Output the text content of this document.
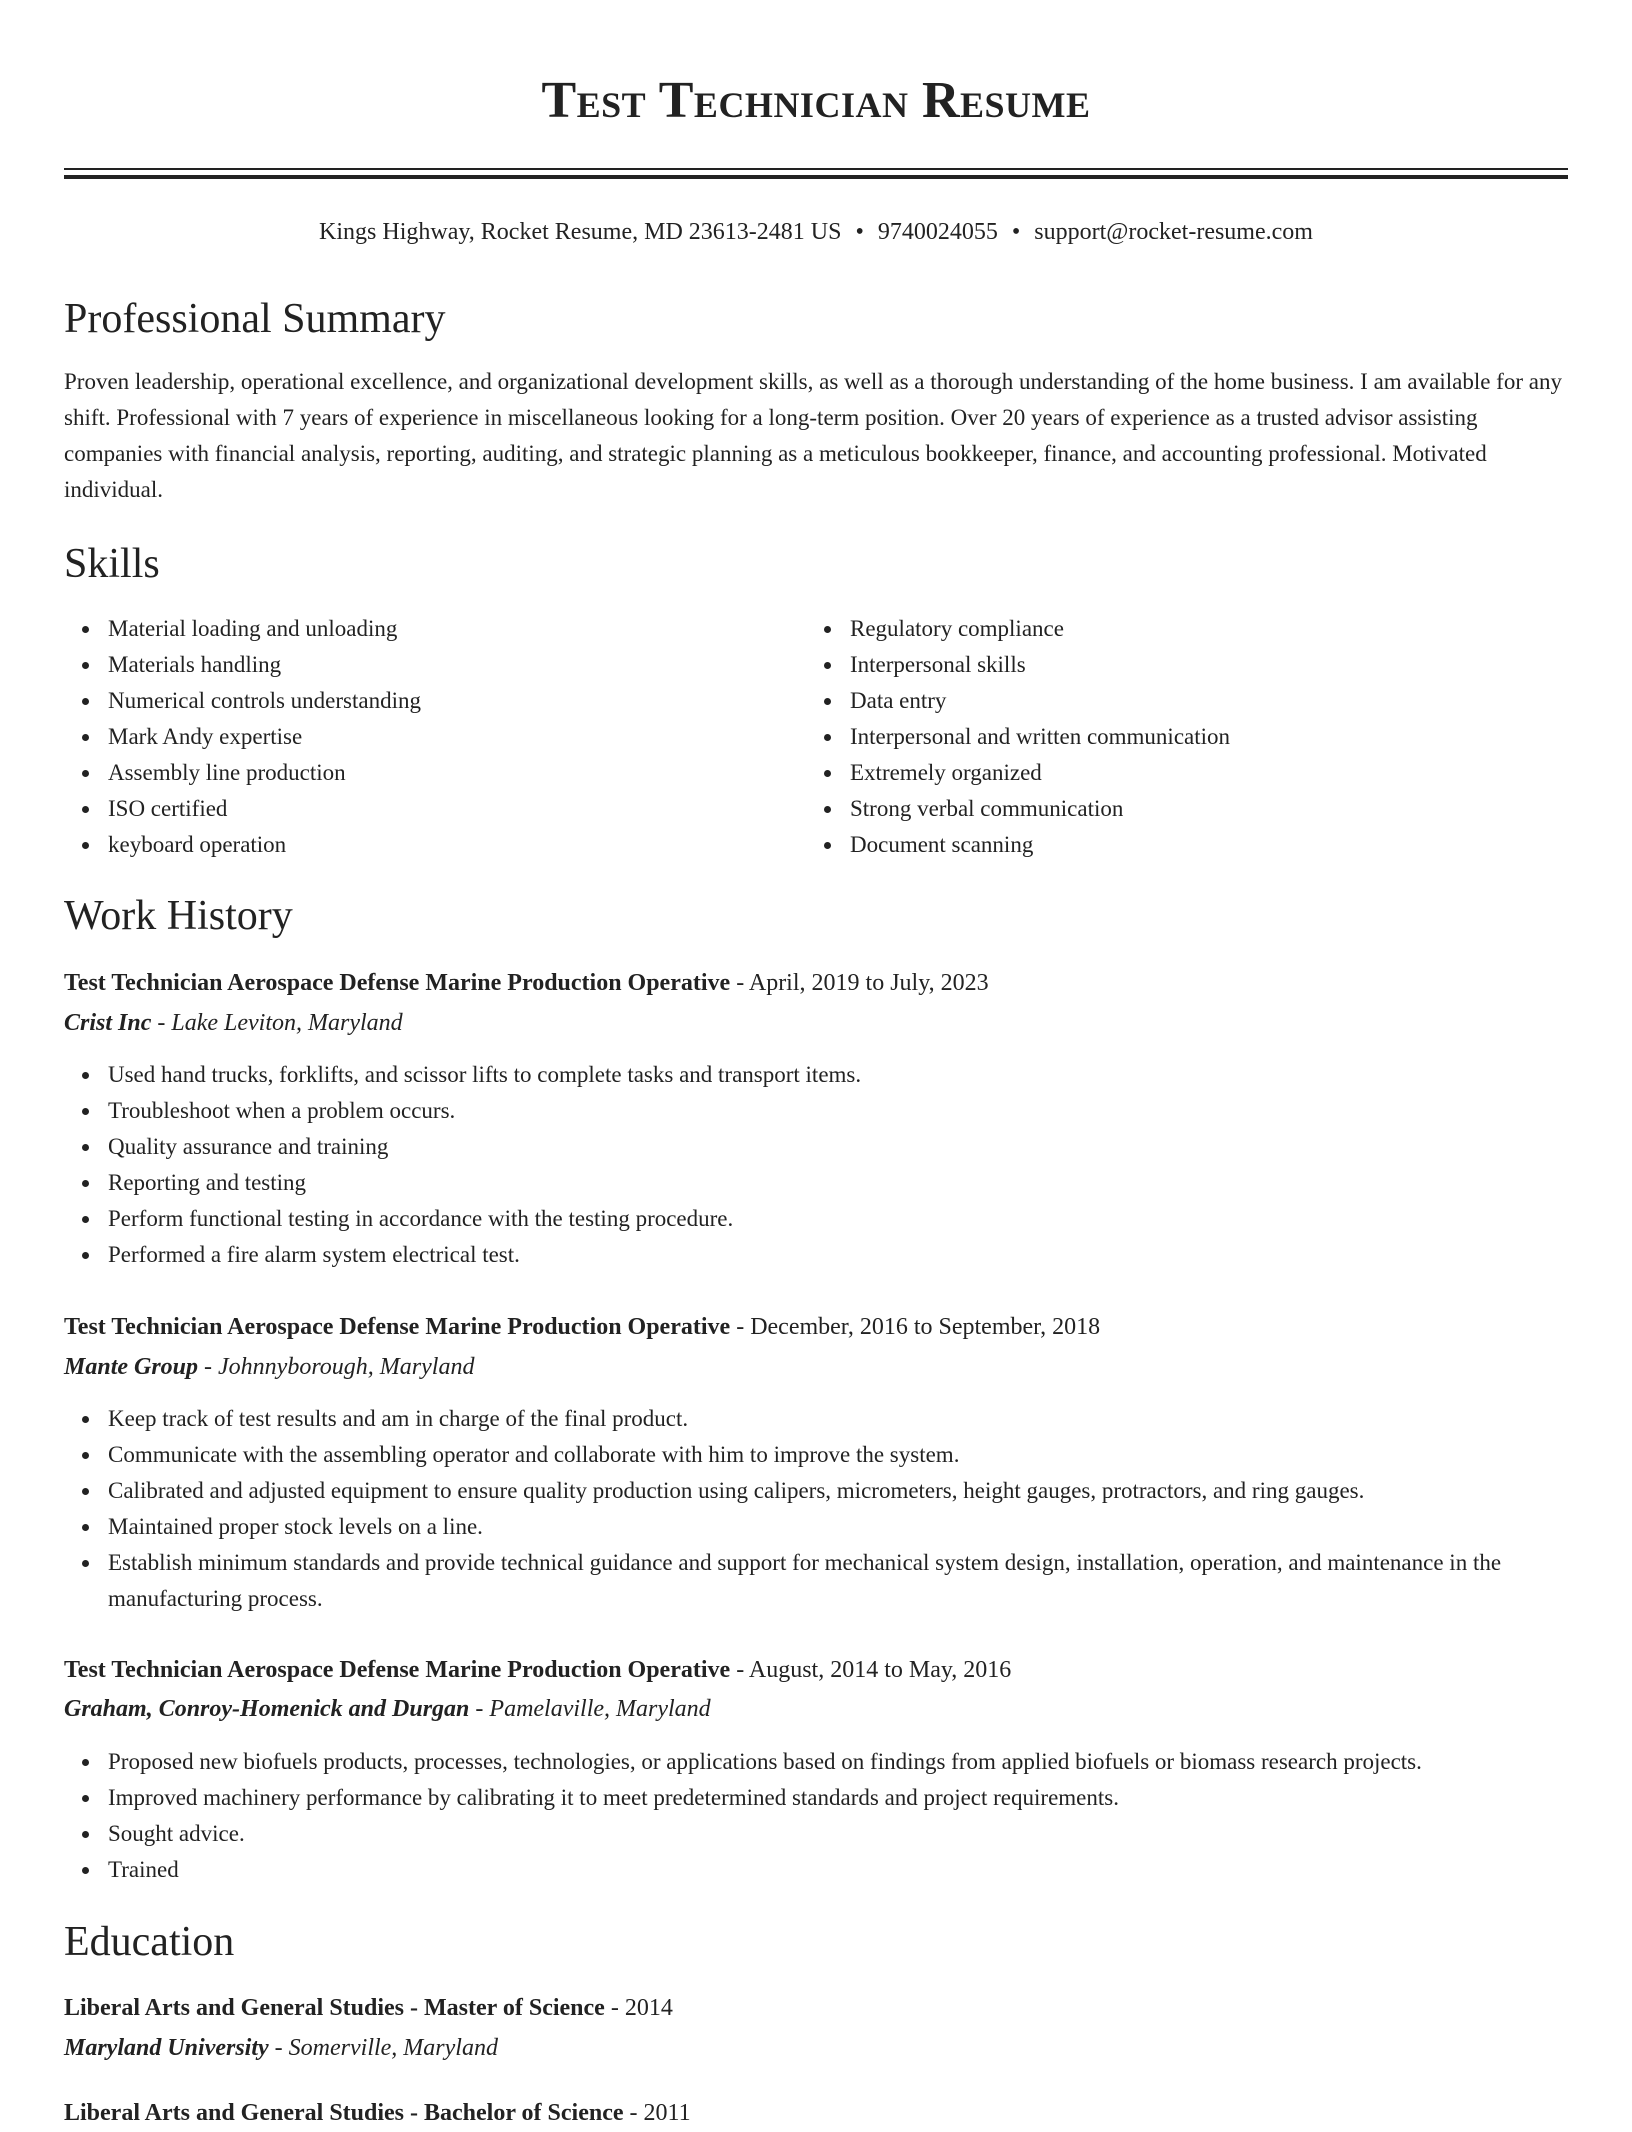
Test Technician Resume
Kings Highway, Rocket Resume, MD 23613-2481 US • 9740024055 • support@rocket-resume.com
Professional Summary

Proven leadership, operational excellence, and organizational development skills, as well as a thorough understanding of the home business. I am available for any shift. Professional with 7 years of experience in miscellaneous looking for a long-term position. Over 20 years of experience as a trusted advisor assisting companies with financial analysis, reporting, auditing, and strategic planning as a meticulous bookkeeper, finance, and accounting professional. Motivated individual.

Skills
Material loading and unloading
Materials handling
Numerical controls understanding
Mark Andy expertise
Assembly line production
ISO certified
keyboard operation
Regulatory compliance
Interpersonal skills
Data entry
Interpersonal and written communication
Extremely organized
Strong verbal communication
Document scanning
Work History
Test Technician Aerospace Defense Marine Production Operative - April, 2019 to July, 2023
Crist Inc - Lake Leviton, Maryland
Used hand trucks, forklifts, and scissor lifts to complete tasks and transport items.
Troubleshoot when a problem occurs.
Quality assurance and training
Reporting and testing
Perform functional testing in accordance with the testing procedure.
Performed a fire alarm system electrical test.
Test Technician Aerospace Defense Marine Production Operative - December, 2016 to September, 2018
Mante Group - Johnnyborough, Maryland
Keep track of test results and am in charge of the final product.
Communicate with the assembling operator and collaborate with him to improve the system.
Calibrated and adjusted equipment to ensure quality production using calipers, micrometers, height gauges, protractors, and ring gauges.
Maintained proper stock levels on a line.
Establish minimum standards and provide technical guidance and support for mechanical system design, installation, operation, and maintenance in the manufacturing process.
Test Technician Aerospace Defense Marine Production Operative - August, 2014 to May, 2016
Graham, Conroy-Homenick and Durgan - Pamelaville, Maryland
Proposed new biofuels products, processes, technologies, or applications based on findings from applied biofuels or biomass research projects.
Improved machinery performance by calibrating it to meet predetermined standards and project requirements.
Sought advice.
Trained
Education
Liberal Arts and General Studies - Master of Science - 2014
Maryland University - Somerville, Maryland
Liberal Arts and General Studies - Bachelor of Science - 2011
